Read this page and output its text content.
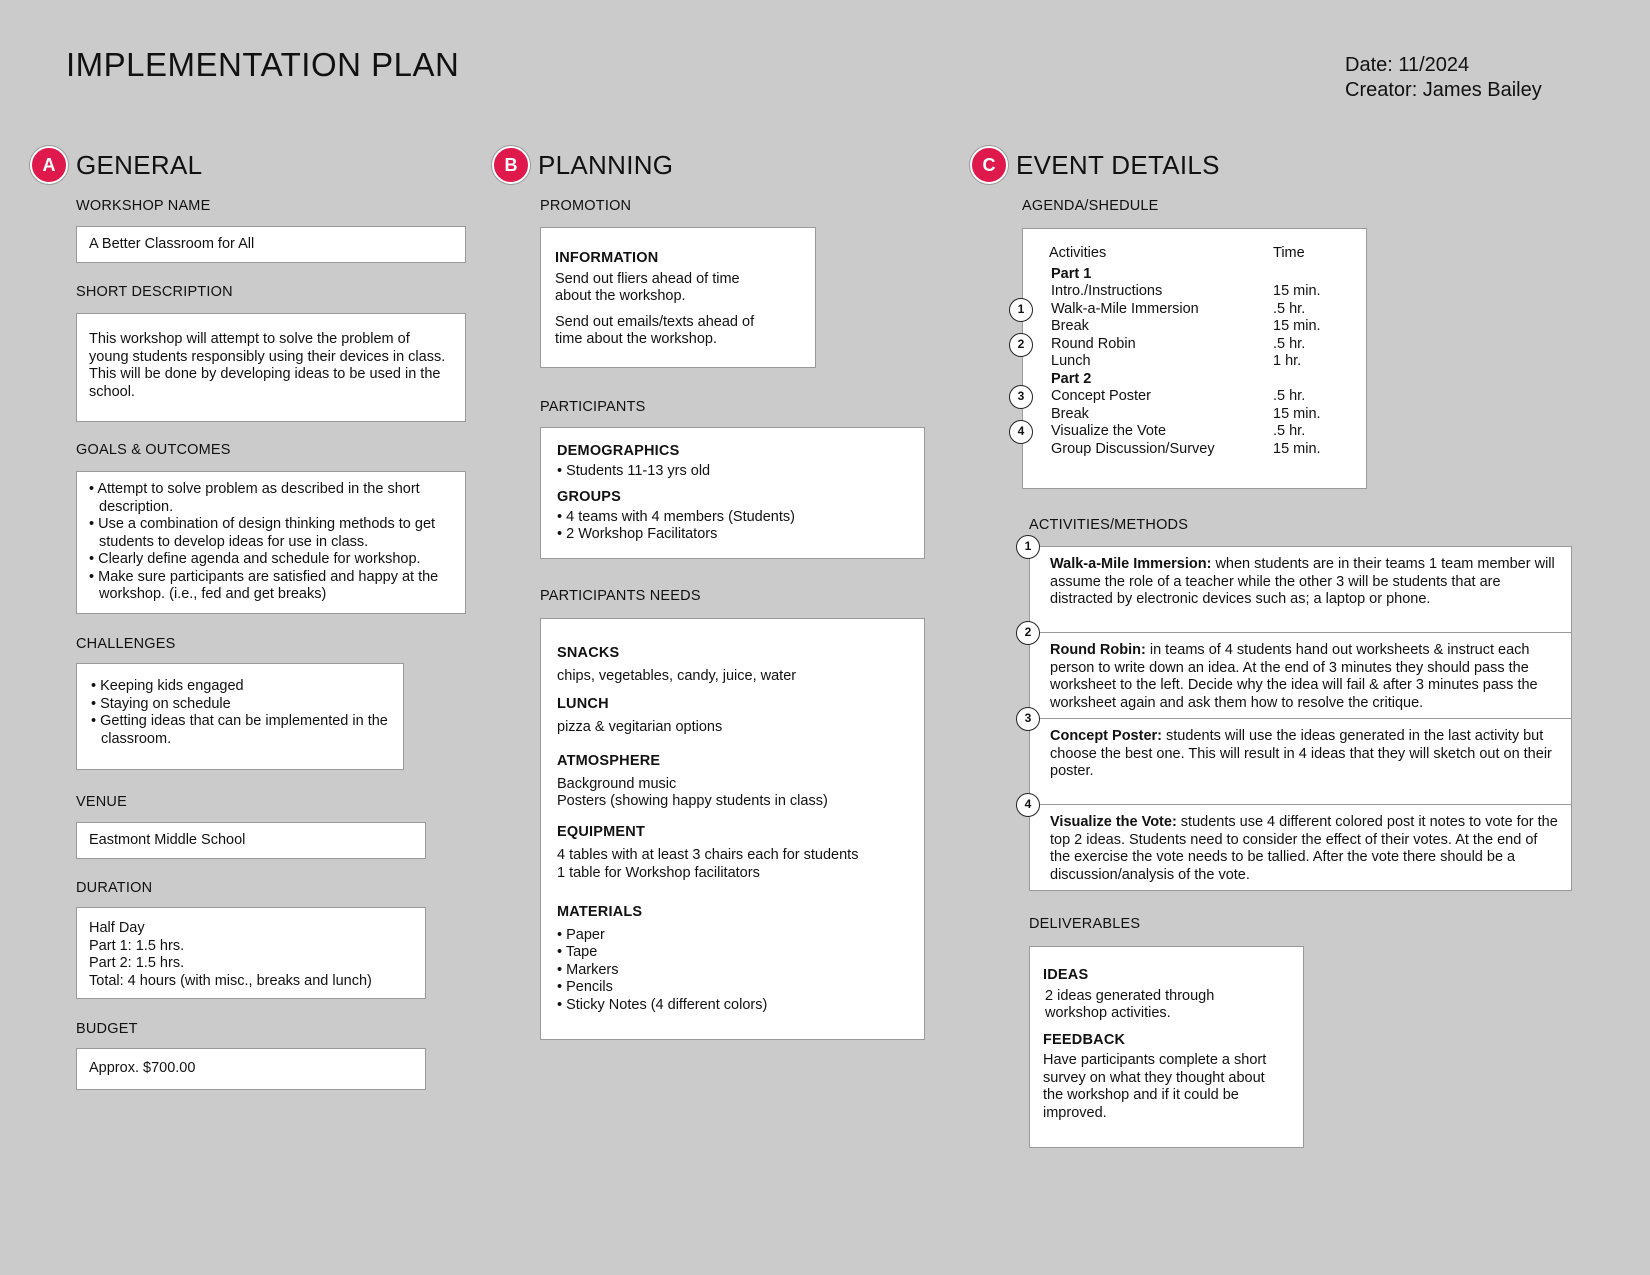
IMPLEMENTATION PLAN	Date: 11/2024
Creator: James Bailey
A GENERAL
WORKSHOP NAME
A Better Classroom for All
SHORT DESCRIPTION
This workshop will attempt to solve the problem of young students responsibly using their devices in class. This will be done by developing ideas to be used in the school.
GOALS & OUTCOMES
• Attempt to solve problem as described in the short description.
• Use a combination of design thinking methods to get students to develop ideas for use in class.
• Clearly define agenda and schedule for workshop.
• Make sure participants are satisfied and happy at the workshop. (i.e., fed and get breaks)
CHALLENGES
• Keeping kids engaged
• Staying on schedule
• Getting ideas that can be implemented in the classroom.
VENUE
Eastmont Middle School
DURATION
Half Day
Part 1: 1.5 hrs.
Part 2: 1.5 hrs.
Total: 4 hours (with misc., breaks and lunch)
BUDGET
Approx. $700.00
B PLANNING
PROMOTION
INFORMATION
Send out fliers ahead of time about the workshop.
Send out emails/texts ahead of time about the workshop.
PARTICIPANTS
DEMOGRAPHICS
• Students 11-13 yrs old
GROUPS
• 4 teams with 4 members (Students)
• 2 Workshop Facilitators
PARTICIPANTS NEEDS
SNACKS
chips, vegetables, candy, juice, water
LUNCH
pizza & vegitarian options
ATMOSPHERE
Background music
Posters (showing happy students in class)
EQUIPMENT
4 tables with at least 3 chairs each for students
1 table for Workshop facilitators
MATERIALS
• Paper
• Tape
• Markers
• Pencils
• Sticky Notes (4 different colors)
C EVENT DETAILS
AGENDA/SHEDULE
Activities	Time
Part 1
Intro./Instructions	15 min.
1	Walk-a-Mile Immersion	.5 hr.
Break	15 min.
2	Round Robin	.5 hr.
Lunch	1 hr.
Part 2
3	Concept Poster	.5 hr.
Break	15 min.
4	Visualize the Vote	.5 hr.
Group Discussion/Survey	15 min.
ACTIVITIES/METHODS
1
Walk-a-Mile Immersion: when students are in their teams 1 team member will assume the role of a teacher while the other 3 will be students that are distracted by electronic devices such as; a laptop or phone.
2
Round Robin: in teams of 4 students hand out worksheets & instruct each person to write down an idea. At the end of 3 minutes they should pass the worksheet to the left. Decide why the idea will fail & after 3 minutes pass the worksheet again and ask them how to resolve the critique.
3
Concept Poster: students will use the ideas generated in the last activity but choose the best one. This will result in 4 ideas that they will sketch out on their poster.
4
Visualize the Vote: students use 4 different colored post it notes to vote for the top 2 ideas. Students need to consider the effect of their votes. At the end of the exercise the vote needs to be tallied. After the vote there should be a discussion/analysis of the vote.
DELIVERABLES
IDEAS
2 ideas generated through workshop activities.
FEEDBACK
Have participants complete a short survey on what they thought about the workshop and if it could be improved.
